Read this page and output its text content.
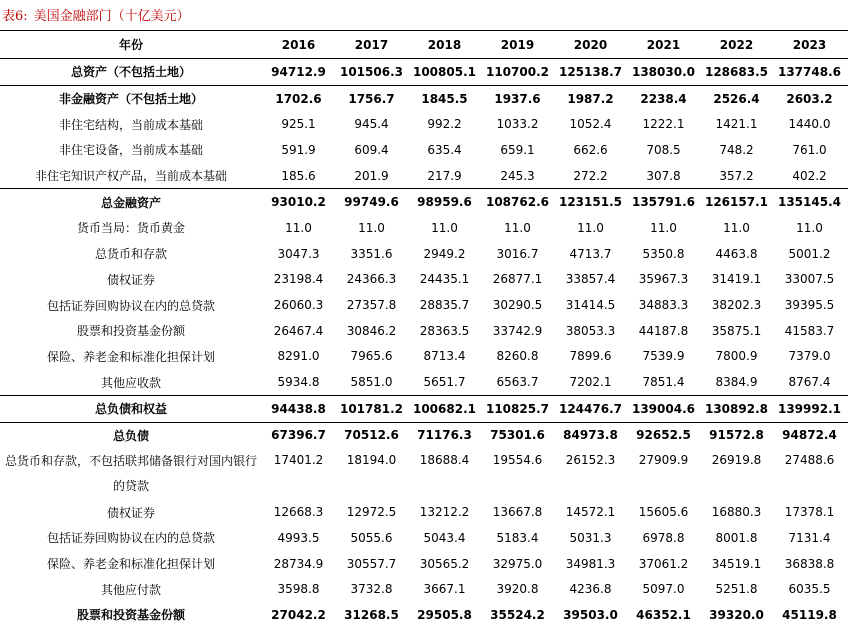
表6: 美国金融部门（十亿美元）
年份	2016	2017	2018	2019	2020	2021	2022	2023
总资产（不包括土地）	94712.9	101506.3 100805.1 110700.2 125138.7 138030.0 128683.5 137748.6
非金融资产（不包括土地）	1702.6	1756.7	1845.5	1937.6	1987.2	2238.4	2526.4	2603.2
非住宅结构，当前成本基础	925.1	945.4	992.2	1033.2	1052.4	1222.1	1421.1	1440.0
非住宅设备，当前成本基础	591.9	609.4	635.4	659.1	662.6	708.5	748.2	761.0
非住宅知识产权产品，当前成本基础	185.6	201.9	217.9	245.3	272.2	307.8	357.2	402.2
总金融资产	93010.2	99749.6	98959.6	108762.6 123151.5 135791.6 126157.1 135145.4
货币当局：货币黄金	11.0	11.0	11.0	11.0	11.0	11.0	11.0	11.0
总货币和存款	3047.3	3351.6	2949.2	3016.7	4713.7	5350.8	4463.8	5001.2
债权证券	23198.4	24366.3	24435.1	26877.1	33857.4	35967.3	31419.1	33007.5
包括证券回购协议在内的总贷款	26060.3	27357.8	28835.7	30290.5	31414.5	34883.3	38202.3	39395.5
股票和投资基金份额	26467.4	30846.2	28363.5	33742.9	38053.3	44187.8	35875.1	41583.7
保险、养老金和标准化担保计划	8291.0	7965.6	8713.4	8260.8	7899.6	7539.9	7800.9	7379.0
其他应收款	5934.8	5851.0	5651.7	6563.7	7202.1	7851.4	8384.9	8767.4
总负债和权益	94438.8	101781.2 100682.1 110825.7 124476.7 139004.6 130892.8 139992.1
总负债	67396.7	70512.6	71176.3	75301.6	84973.8	92652.5	91572.8	94872.4
总货币和存款，不包括联邦储备银行对国内银行的贷款
17401.2	18194.0	18688.4	19554.6	26152.3	27909.9	26919.8	27488.6
债权证券	12668.3	12972.5	13212.2	13667.8	14572.1	15605.6	16880.3	17378.1
包括证券回购协议在内的总贷款	4993.5	5055.6	5043.4	5183.4	5031.3	6978.8	8001.8	7131.4
保险、养老金和标准化担保计划	28734.9	30557.7	30565.2	32975.0	34981.3	37061.2	34519.1	36838.8
其他应付款	3598.8	3732.8	3667.1	3920.8	4236.8	5097.0	5251.8	6035.5
股票和投资基金份额	27042.2	31268.5	29505.8	35524.2	39503.0	46352.1	39320.0	45119.8
